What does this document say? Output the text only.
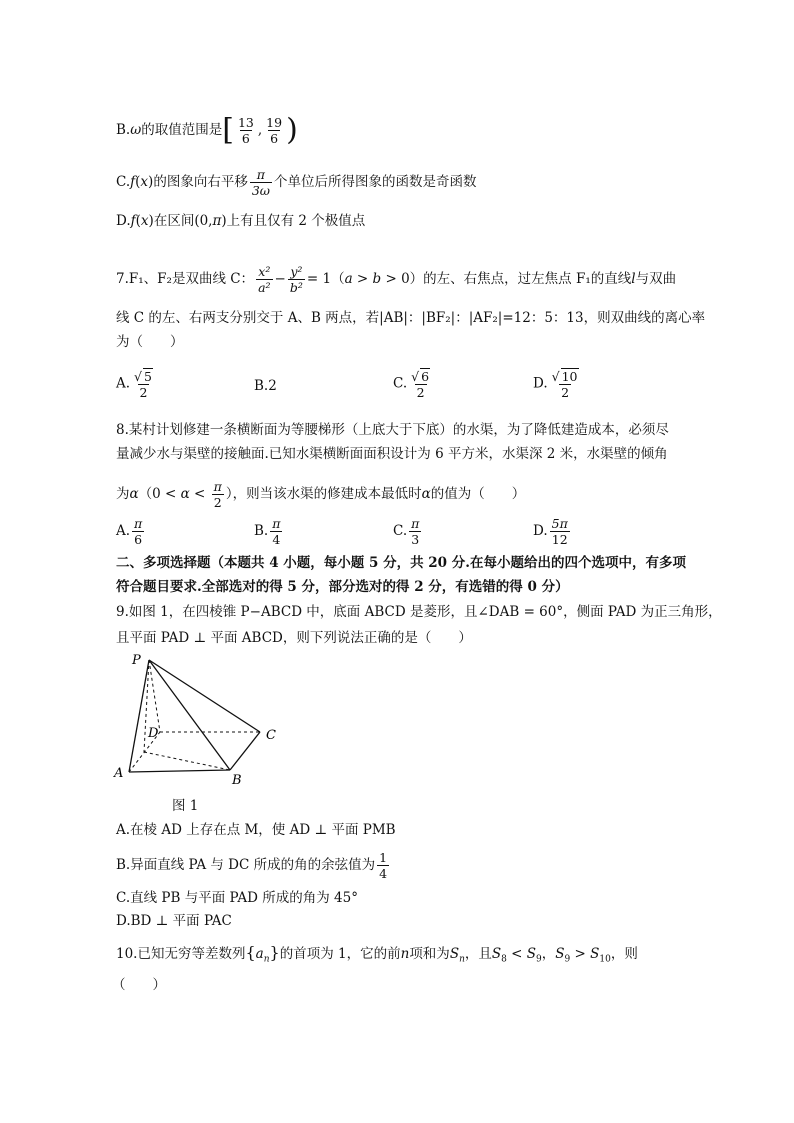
B.ω的取值范围是[ $\frac{13}{6}$ , $\frac{19}{6}$ )
C.f(x)的图象向右平移 $\frac{\pi}{3\omega}$ 个单位后所得图象的函数是奇函数
D.f(x)在区间(0,π)上有且仅有 2 个极值点
7.F₁、F₂是双曲线 C： $\frac{\text{x²}}{\text{a²}} - \frac{\text{y²}}{\text{b²}} = 1(a > b > 0)$的左、右焦点，过左焦点 F₁的直线l与双曲
线 C 的左、右两支分别交于 A、B 两点，若|AB|：|BF₂|：|AF₂|=12：5：13，则双曲线的离心率
为（　　）
A. $\frac{√ 5}{2}$	B.2	C. $\frac{√ 6}{2}$	D. $\frac{√ 10}{2}$
8.某村计划修建一条横断面为等腰梯形（上底大于下底）的水渠，为了降低建造成本，必须尽
量减少水与渠壁的接触面.已知水渠横断面面积设计为 6 平方米，水渠深 2 米，水渠壁的倾角
为$\alpha(0 < \alpha < \frac{\pi}{2}$ ），则当该水渠的修建成本最低时α的值为（　　）
A. $\frac{\pi}{6}$	B. $\frac{\pi}{4}$	C. $\frac{\pi}{3}$	D. $\frac{5\pi}{12}$
二、多项选择题（本题共 4 小题，每小题 5 分，共 20 分.在每小题给出的四个选项中，有多项
符合题目要求.全部选对的得 5 分，部分选对的得 2 分，有选错的得 0 分）
9.如图 1，在四棱锥 P−ABCD 中，底面 ABCD 是菱形，且∠DAB = 60°，侧面 PAD 为正三角形，
且平面 PAD ⊥ 平面 ABCD，则下列说法正确的是（　　）
P
D	C
A	B
图 1
A.在棱 AD 上存在点 M，使 AD ⊥ 平面 PMB
B.异面直线 PA 与 DC 所成的角的余弦值为 $\frac{1}{4}$
C.直线 PB 与平面 PAD 所成的角为 45°
D.BD ⊥ 平面 PAC
10.已知无穷等差数列$\{a_n\}$的首项为 1，它的前n项和为$S_n$，且$S_8 < S_9$，$S_9 > S_{10}$，则
（　　）
